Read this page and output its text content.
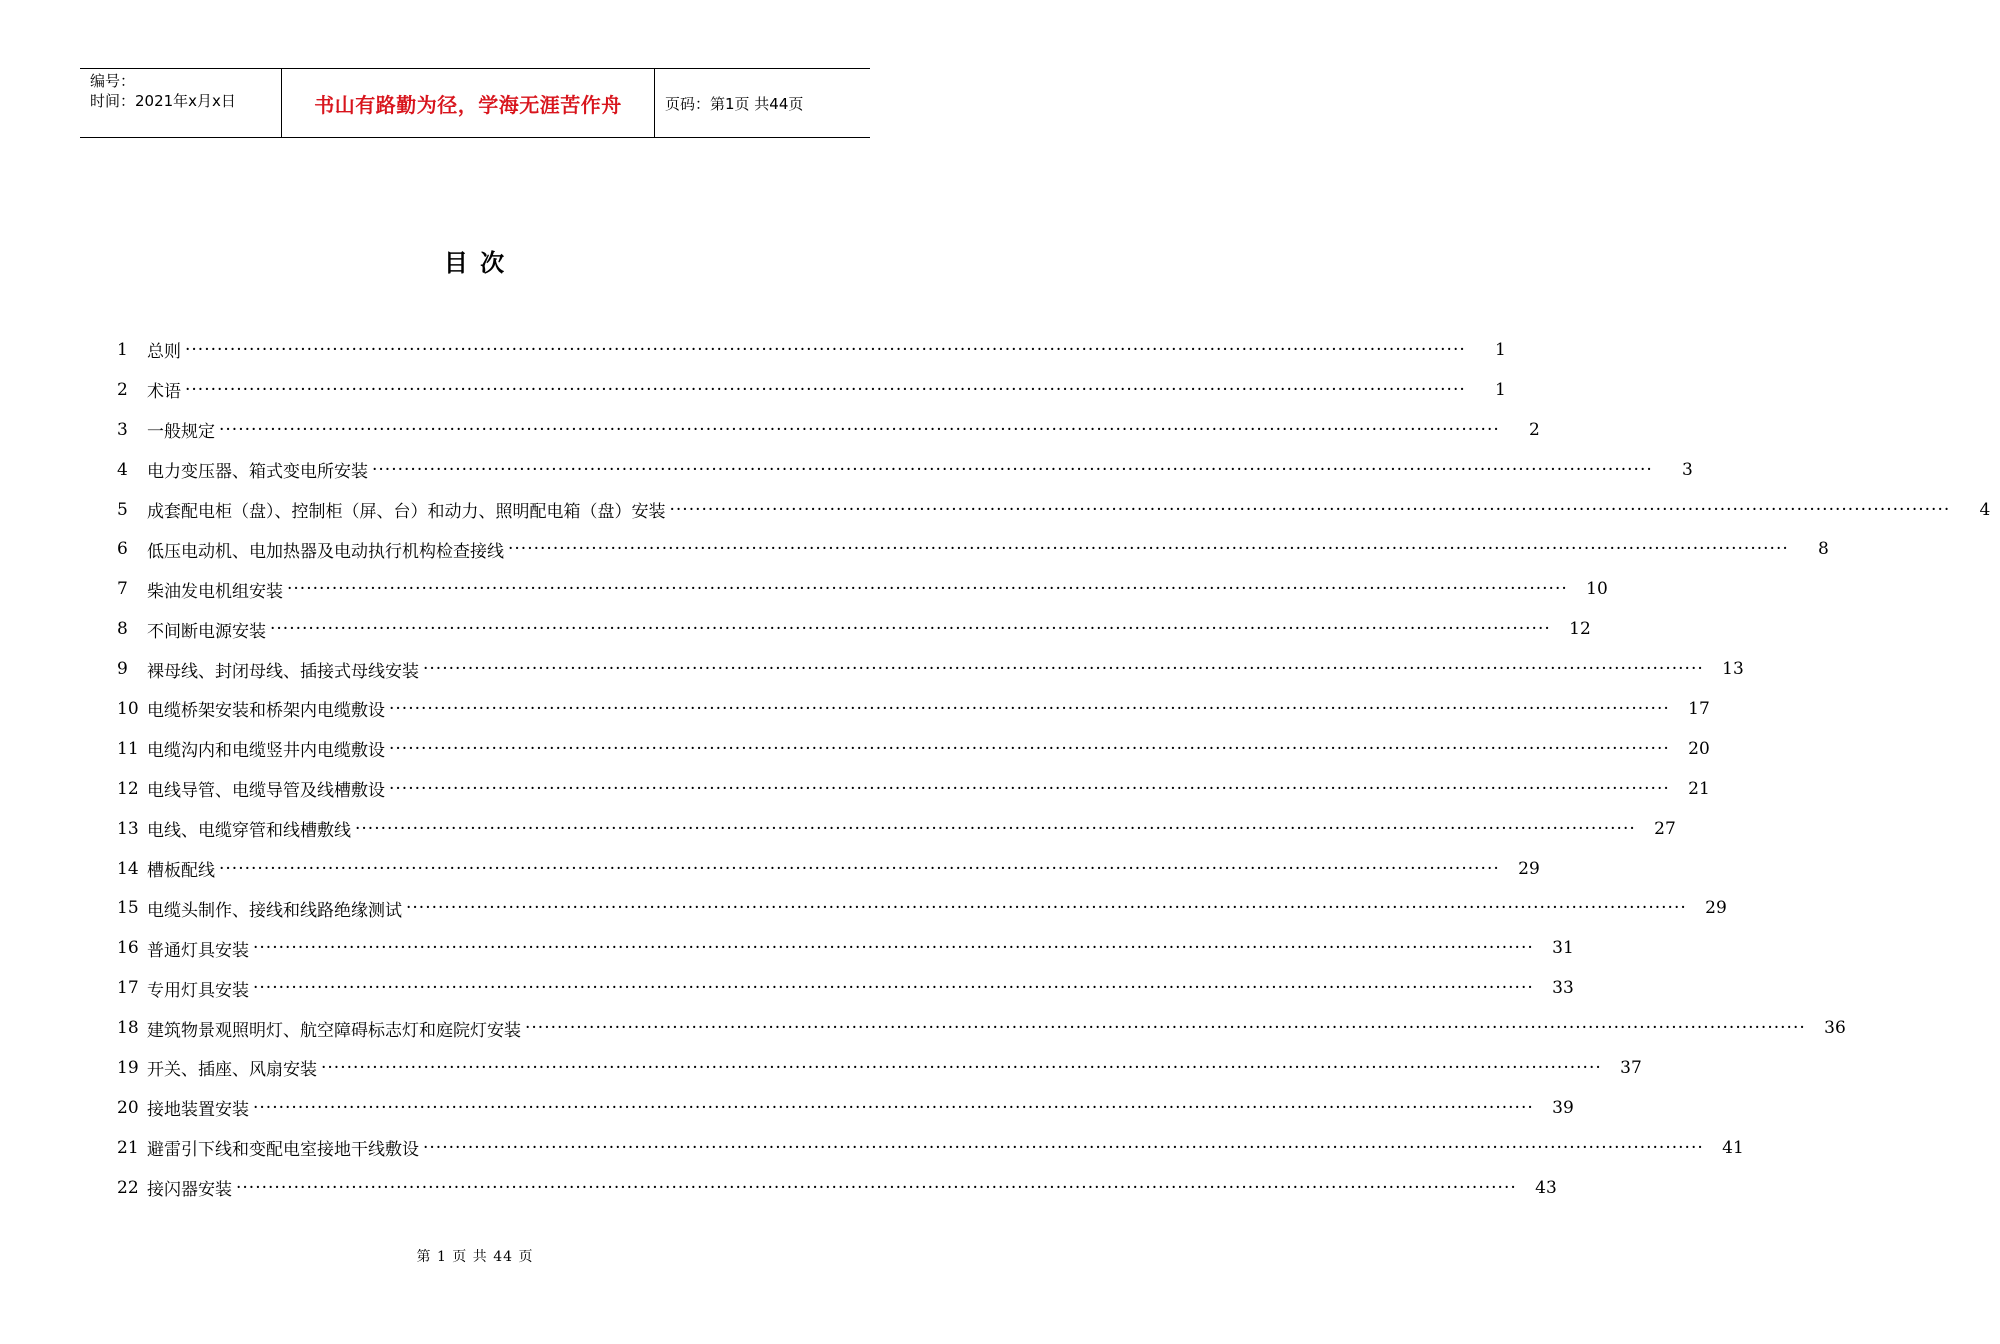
编号：
时间：2021年x月x日	书山有路勤为径，学海无涯苦作舟	页码：第1页 共44页
目 次
1	总则 ········································································································································································································	1
2	术语 ········································································································································································································	1
3	一般规定 ········································································································································································································	2
4	电力变压器、箱式变电所安装 ········································································································································································································	3
5	成套配电柜（盘）、控制柜（屏、台）和动力、照明配电箱（盘）安装 ········································································································································································································	4
6	低压电动机、电加热器及电动执行机构检查接线 ········································································································································································································	8
7	柴油发电机组安装 ········································································································································································································	10
8	不间断电源安装 ········································································································································································································	12
9	裸母线、封闭母线、插接式母线安装 ········································································································································································································	13
10 电缆桥架安装和桥架内电缆敷设 ········································································································································································································	17
11 电缆沟内和电缆竖井内电缆敷设 ········································································································································································································	20
12 电线导管、电缆导管及线槽敷设 ········································································································································································································	21
13 电线、电缆穿管和线槽敷线 ········································································································································································································	27
14 槽板配线 ········································································································································································································	29
15 电缆头制作、接线和线路绝缘测试 ········································································································································································································	29
16 普通灯具安装 ········································································································································································································	31
17 专用灯具安装 ········································································································································································································	33
18 建筑物景观照明灯、航空障碍标志灯和庭院灯安装 ········································································································································································································	36
19 开关、插座、风扇安装 ········································································································································································································	37
20 接地装置安装 ········································································································································································································	39
21 避雷引下线和变配电室接地干线敷设 ········································································································································································································	41
22 接闪器安装 ········································································································································································································	43
第 1 页 共 44 页
